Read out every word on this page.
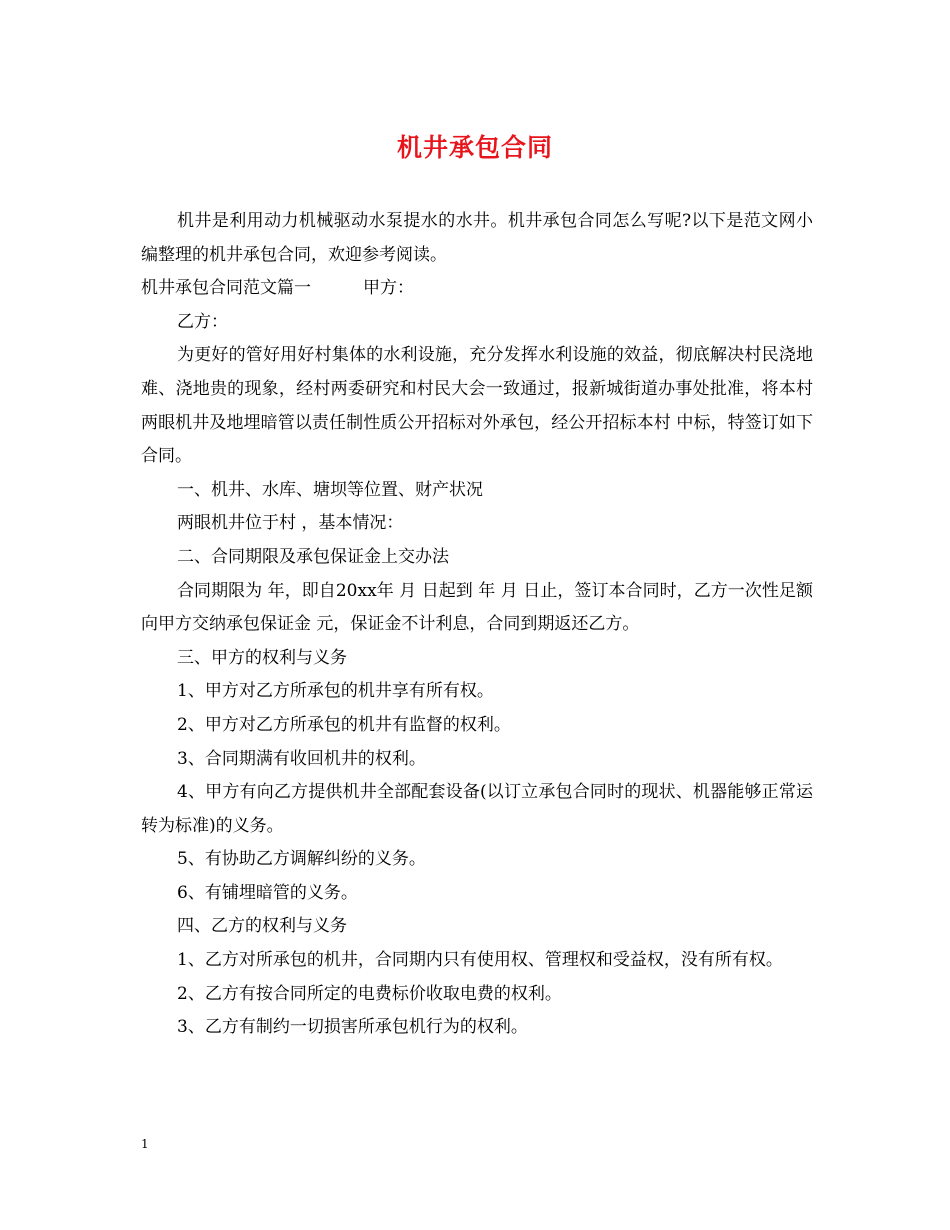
机井承包合同

机井是利用动力机械驱动水泵提水的水井。机井承包合同怎么写呢?以下是范文网小编整理的机井承包合同，欢迎参考阅读。

机井承包合同范文篇一	甲方：

乙方：

为更好的管好用好村集体的水利设施，充分发挥水利设施的效益，彻底解决村民浇地难、浇地贵的现象，经村两委研究和村民大会一致通过，报新城街道办事处批准，将本村两眼机井及地埋暗管以责任制性质公开招标对外承包，经公开招标本村 中标，特签订如下合同。

一、机井、水库、塘坝等位置、财产状况

两眼机井位于村 ，基本情况：

二、合同期限及承包保证金上交办法

合同期限为 年，即自20xx年 月 日起到 年 月 日止，签订本合同时，乙方一次性足额向甲方交纳承包保证金 元，保证金不计利息，合同到期返还乙方。

三、甲方的权利与义务

1、甲方对乙方所承包的机井享有所有权。

2、甲方对乙方所承包的机井有监督的权利。

3、合同期满有收回机井的权利。

4、甲方有向乙方提供机井全部配套设备(以订立承包合同时的现状、机器能够正常运转为标准)的义务。

5、有协助乙方调解纠纷的义务。

6、有铺埋暗管的义务。

四、乙方的权利与义务

1、乙方对所承包的机井，合同期内只有使用权、管理权和受益权，没有所有权。

2、乙方有按合同所定的电费标价收取电费的权利。

3、乙方有制约一切损害所承包机行为的权利。

1
